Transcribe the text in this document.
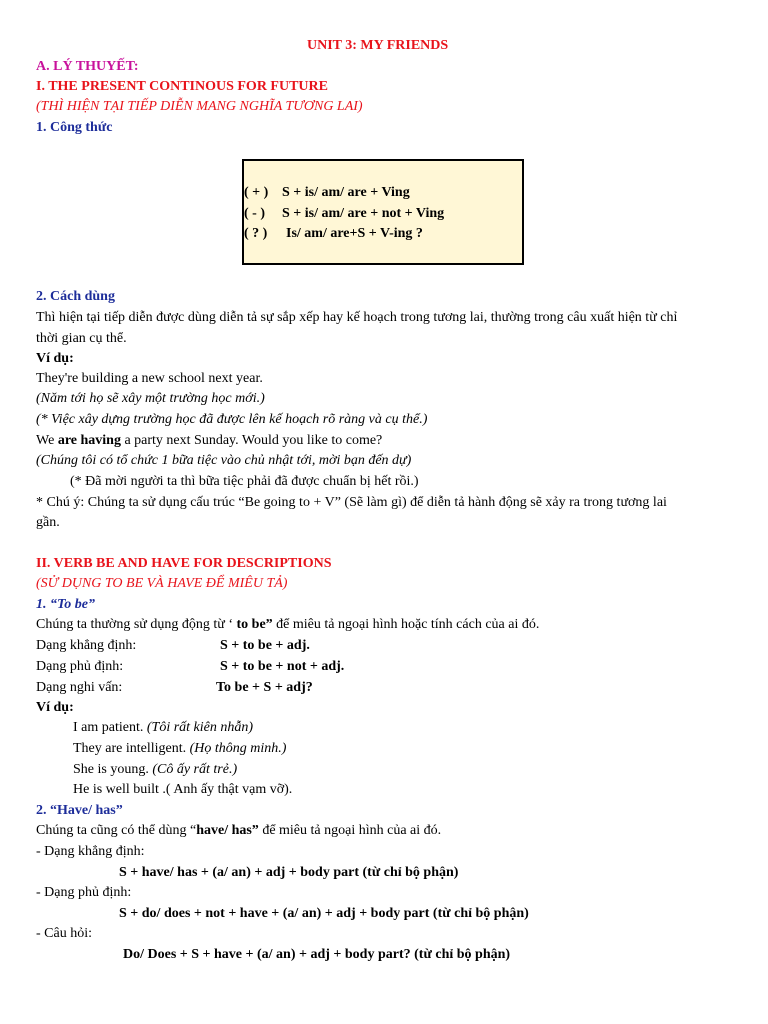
UNIT 3: MY FRIENDS
A. LÝ THUYẾT:
I. THE PRESENT CONTINOUS FOR FUTURE
(THÌ HIỆN TẠI TIẾP DIỄN MANG NGHĨA TƯƠNG LAI)
1. Công thức
( + ) S + is/ am/ are + Ving
( - ) S + is/ am/ are + not + Ving
( ? ) Is/ am/ are+S + V-ing ?
2. Cách dùng
Thì hiện tại tiếp diễn được dùng diễn tả sự sắp xếp hay kế hoạch trong tương lai, thường trong câu xuất hiện từ chỉ
thời gian cụ thể.
Ví dụ:
They're building a new school next year.
(Năm tới họ sẽ xây một trường học mới.)
(* Việc xây dựng trường học đã được lên kế hoạch rõ ràng và cụ thể.)
We are having a party next Sunday. Would you like to come?
(Chúng tôi có tổ chức 1 bữa tiệc vào chủ nhật tới, mời bạn đến dự)
(* Đã mời người ta thì bữa tiệc phải đã được chuẩn bị hết rồi.)
* Chú ý: Chúng ta sử dụng cấu trúc “Be going to + V” (Sẽ làm gì) để diễn tả hành động sẽ xảy ra trong tương lai
gần.
II. VERB BE AND HAVE FOR DESCRIPTIONS
(SỬ DỤNG TO BE VÀ HAVE ĐỂ MIÊU TẢ)
1. “To be”
Chúng ta thường sử dụng động từ ‘ to be” để miêu tả ngoại hình hoặc tính cách của ai đó.
Dạng khẳng định:	S + to be + adj.
Dạng phủ định:	S + to be + not + adj.
Dạng nghi vấn:	To be + S + adj?
Ví dụ:
I am patient. (Tôi rất kiên nhẫn)
They are intelligent. (Họ thông minh.)
She is young. (Cô ấy rất trẻ.)
He is well built .( Anh ấy thật vạm vỡ).
2. “Have/ has”
Chúng ta cũng có thể dùng “have/ has” để miêu tả ngoại hình của ai đó.
- Dạng khẳng định:
S + have/ has + (a/ an) + adj + body part (từ chỉ bộ phận)
- Dạng phủ định:
S + do/ does + not + have + (a/ an) + adj + body part (từ chỉ bộ phận)
- Câu hỏi:
Do/ Does + S + have + (a/ an) + adj + body part? (từ chỉ bộ phận)
